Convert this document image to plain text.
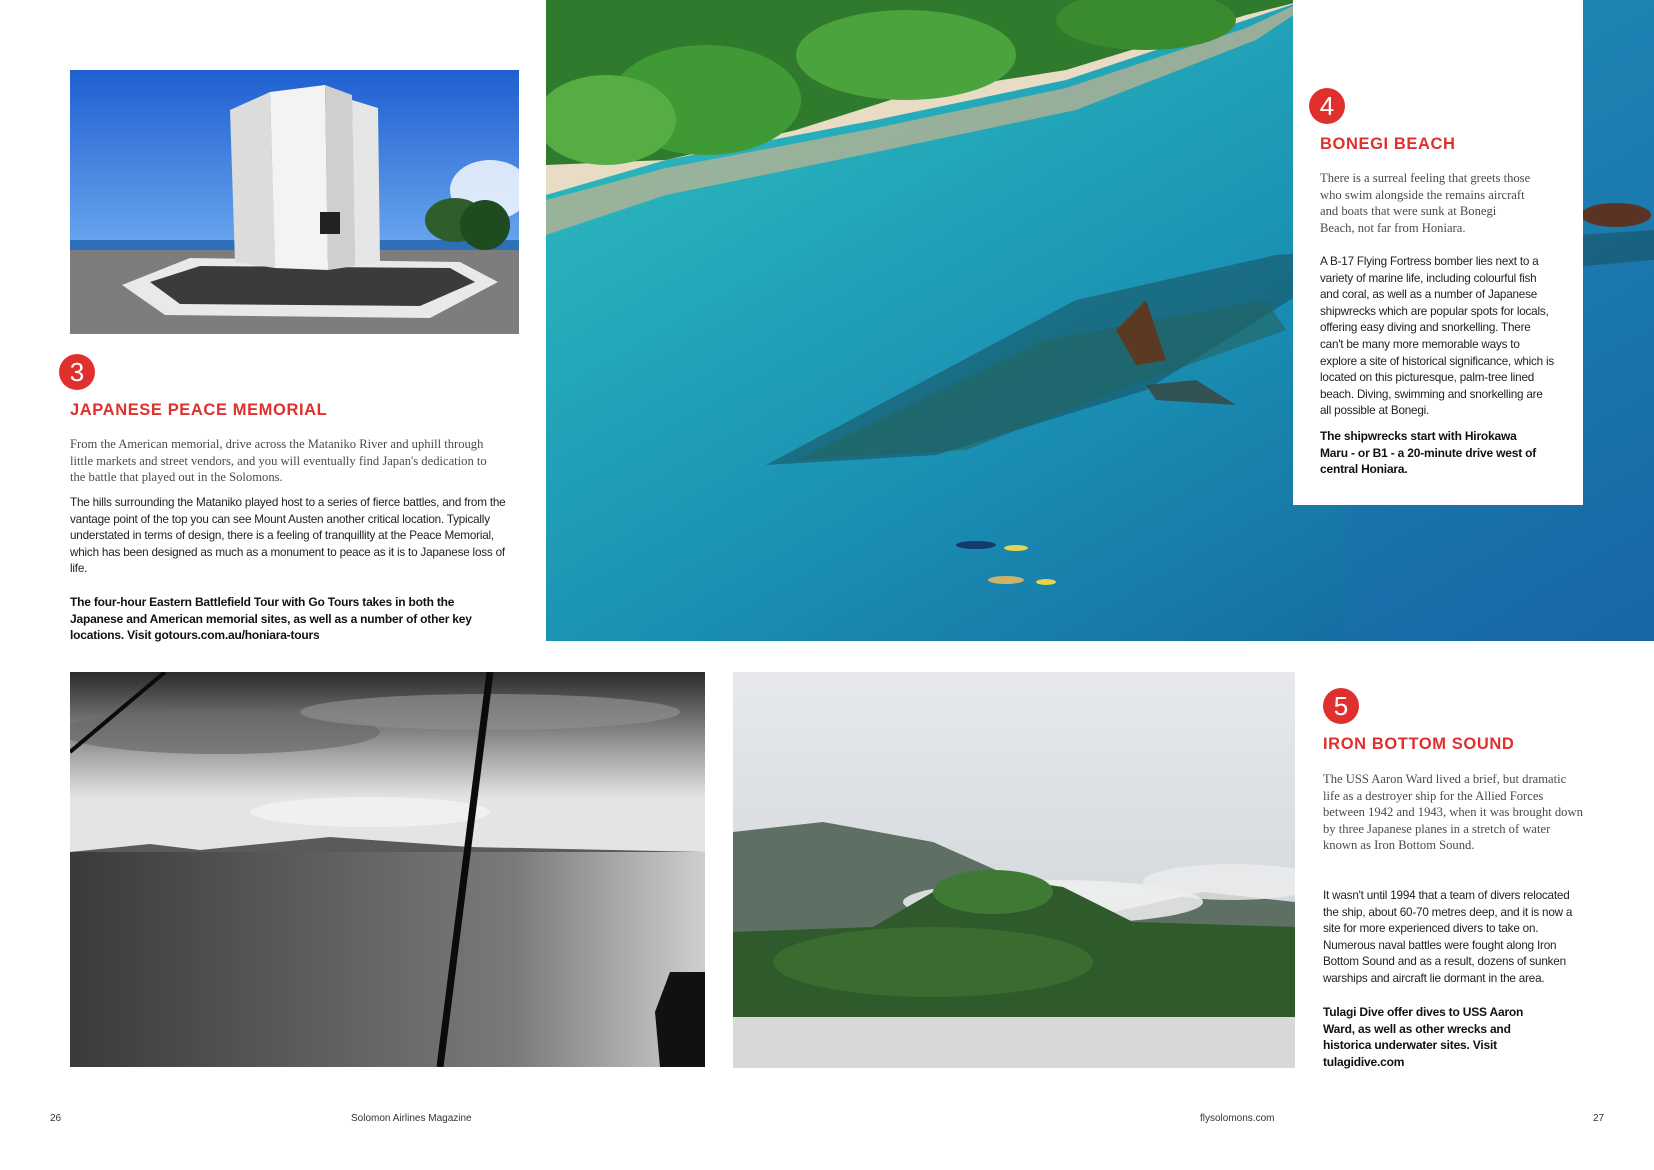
3
JAPANESE PEACE MEMORIAL
From the American memorial, drive across the Mataniko River and uphill through little markets and street vendors, and you will eventually find Japan's dedication to the battle that played out in the Solomons.
The hills surrounding the Mataniko played host to a series of fierce battles, and from the vantage point of the top you can see Mount Austen another critical location. Typically understated in terms of design, there is a feeling of tranquillity at the Peace Memorial, which has been designed as much as a monument to peace as it is to Japanese loss of life.
The four-hour Eastern Battlefield Tour with Go Tours takes in both the Japanese and American memorial sites, as well as a number of other key locations. Visit gotours.com.au/honiara-tours
4
BONEGI BEACH
There is a surreal feeling that greets those who swim alongside the remains aircraft and boats that were sunk at Bonegi Beach, not far from Honiara.
A B-17 Flying Fortress bomber lies next to a variety of marine life, including colourful fish and coral, as well as a number of Japanese shipwrecks which are popular spots for locals, offering easy diving and snorkelling. There can't be many more memorable ways to explore a site of historical significance, which is located on this picturesque, palm-tree lined beach. Diving, swimming and snorkelling are all possible at Bonegi.
The shipwrecks start with Hirokawa Maru - or B1 - a 20-minute drive west of central Honiara.
5
IRON BOTTOM SOUND
The USS Aaron Ward lived a brief, but dramatic life as a destroyer ship for the Allied Forces between 1942 and 1943, when it was brought down by three Japanese planes in a stretch of water known as Iron Bottom Sound.
It wasn't until 1994 that a team of divers relocated the ship, about 60-70 metres deep, and it is now a site for more experienced divers to take on. Numerous naval battles were fought along Iron Bottom Sound and as a result, dozens of sunken warships and aircraft lie dormant in the area.
Tulagi Dive offer dives to USS Aaron Ward, as well as other wrecks and historica underwater sites. Visit tulagidive.com
26	Solomon Airlines Magazine	flysolomons.com	27
